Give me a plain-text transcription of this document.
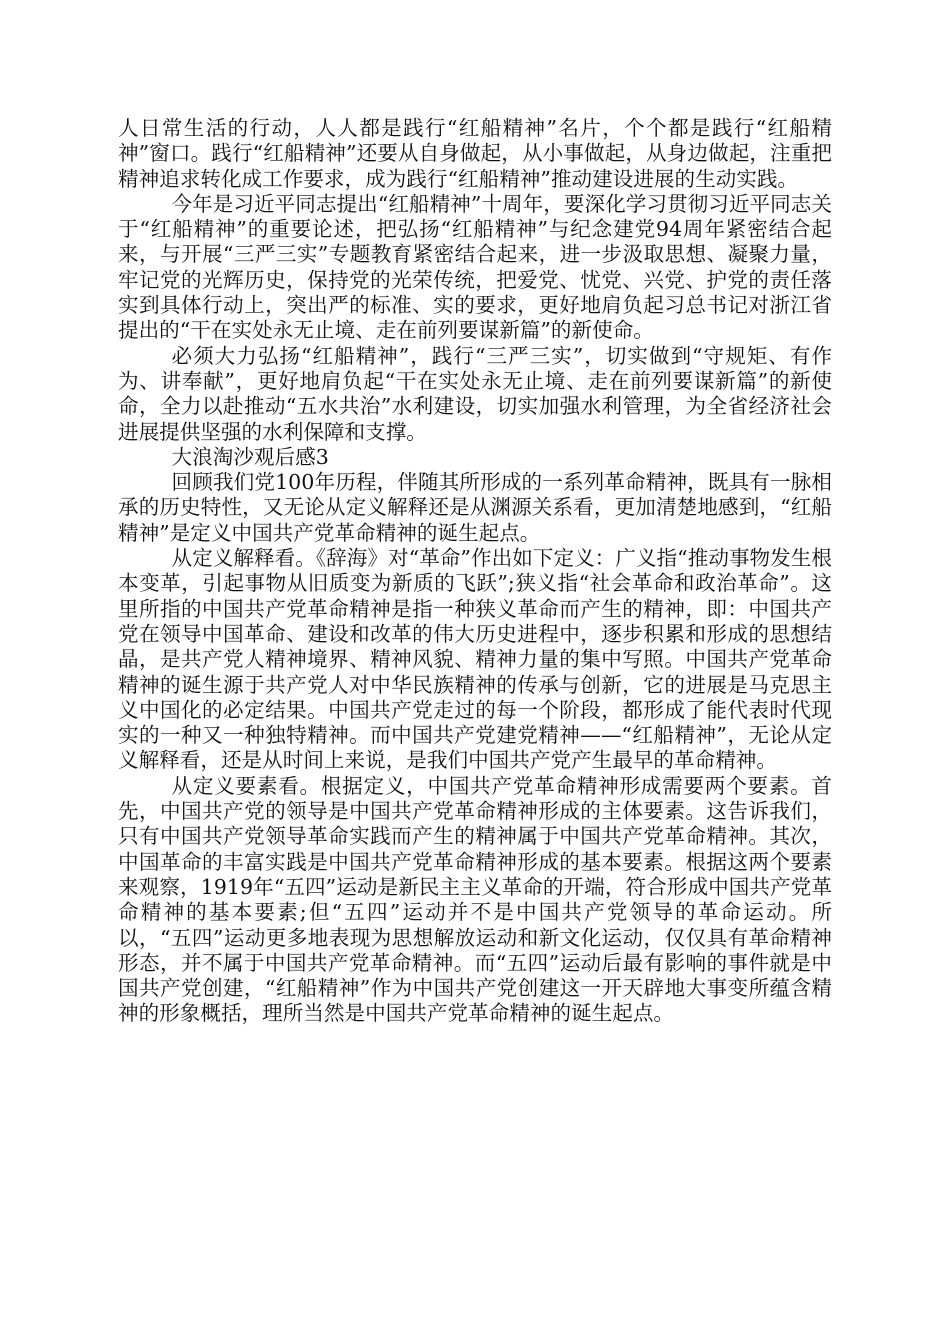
人日常生活的行动，人人都是践行“红船精神”名片，个个都是践行“红船精神”窗口。践行“红船精神”还要从自身做起，从小事做起，从身边做起，注重把精神追求转化成工作要求，成为践行“红船精神”推动建设进展的生动实践。

今年是习近平同志提出“红船精神”十周年，要深化学习贯彻习近平同志关于“红船精神”的重要论述，把弘扬“红船精神”与纪念建党94周年紧密结合起来，与开展“三严三实”专题教育紧密结合起来，进一步汲取思想、凝聚力量，牢记党的光辉历史，保持党的光荣传统，把爱党、忧党、兴党、护党的责任落实到具体行动上，突出严的标准、实的要求，更好地肩负起习总书记对浙江省提出的“干在实处永无止境、走在前列要谋新篇”的新使命。

必须大力弘扬“红船精神”，践行“三严三实”，切实做到“守规矩、有作为、讲奉献”，更好地肩负起“干在实处永无止境、走在前列要谋新篇”的新使命，全力以赴推动“五水共治”水利建设，切实加强水利管理，为全省经济社会进展提供坚强的水利保障和支撑。

大浪淘沙观后感3

回顾我们党100年历程，伴随其所形成的一系列革命精神，既具有一脉相承的历史特性，又无论从定义解释还是从渊源关系看，更加清楚地感到，“红船精神”是定义中国共产党革命精神的诞生起点。

从定义解释看。《辞海》对“革命”作出如下定义：广义指“推动事物发生根本变革，引起事物从旧质变为新质的飞跃”;狭义指“社会革命和政治革命”。这里所指的中国共产党革命精神是指一种狭义革命而产生的精神，即：中国共产党在领导中国革命、建设和改革的伟大历史进程中，逐步积累和形成的思想结晶，是共产党人精神境界、精神风貌、精神力量的集中写照。中国共产党革命精神的诞生源于共产党人对中华民族精神的传承与创新，它的进展是马克思主义中国化的必定结果。中国共产党走过的每一个阶段，都形成了能代表时代现实的一种又一种独特精神。而中国共产党建党精神——“红船精神”，无论从定义解释看，还是从时间上来说，是我们中国共产党产生最早的革命精神。

从定义要素看。根据定义，中国共产党革命精神形成需要两个要素。首先，中国共产党的领导是中国共产党革命精神形成的主体要素。这告诉我们，只有中国共产党领导革命实践而产生的精神属于中国共产党革命精神。其次，中国革命的丰富实践是中国共产党革命精神形成的基本要素。根据这两个要素来观察，1919年“五四”运动是新民主主义革命的开端，符合形成中国共产党革命精神的基本要素;但“五四”运动并不是中国共产党领导的革命运动。所以，“五四”运动更多地表现为思想解放运动和新文化运动，仅仅具有革命精神形态，并不属于中国共产党革命精神。而“五四”运动后最有影响的事件就是中国共产党创建，“红船精神”作为中国共产党创建这一开天辟地大事变所蕴含精神的形象概括，理所当然是中国共产党革命精神的诞生起点。
